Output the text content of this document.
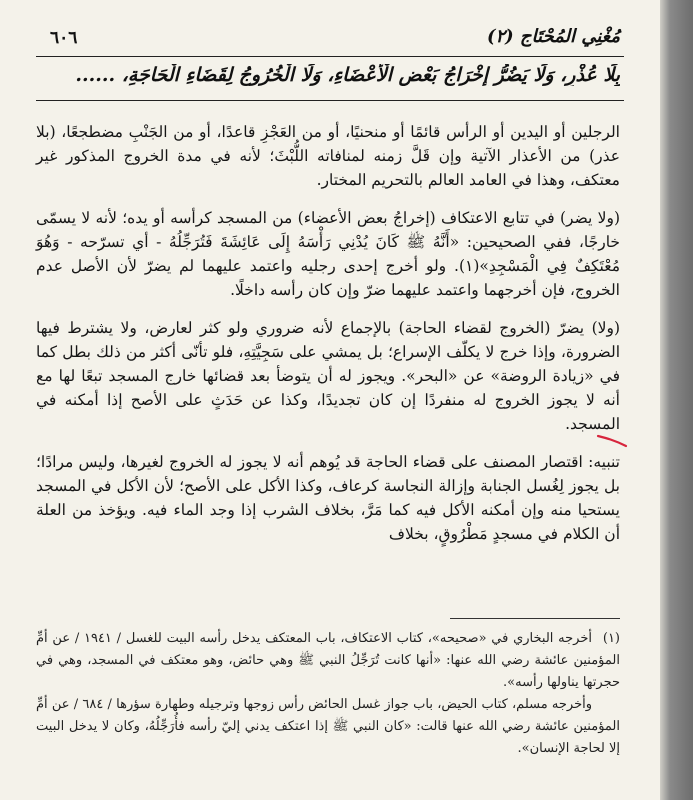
٦٠٦	مُغْنِي المُحْتَاج (٢)
بِلَا عُذْرٍ، وَلَا يَضُرُّ إِخْرَاجُ بَعْضِ الْأَعْضَاءِ، وَلَا الْخُرُوجُ لِقَضَاءِ الْحَاجَةِ، ......

الرجلين أو اليدين أو الرأس قائمًا أو منحنيًا، أو من العَجْزِ قاعدًا، أو من الجَنْبِ مضطجعًا، (بلا عذر) من الأعذار الآتية وإن قَلَّ زمنه لمنافاته اللُّبْثَ؛ لأنه في مدة الخروج المذكور غير معتكف، وهذا في العامد العالم بالتحريم المختار.

(ولا يضر) في تتابع الاعتكاف (إخراجُ بعض الأعضاء) من المسجد كرأسه أو يده؛ لأنه لا يسمّى خارجًا، ففي الصحيحين: «أَنَّهُ ﷺ كَانَ يُدْنِي رَأْسَهُ إِلَى عَائِشَةَ فَتُرَجِّلُهُ - أي تسرّحه - وَهُوَ مُعْتَكِفٌ فِي الْمَسْجِدِ»(١). ولو أخرج إحدى رجليه واعتمد عليهما لم يضرّ لأن الأصل عدم الخروج، فإن أخرجهما واعتمد عليهما ضرّ وإن كان رأسه داخلًا.

(ولا) يضرّ (الخروج لقضاء الحاجة) بالإجماع لأنه ضروري ولو كثر لعارض، ولا يشترط فيها الضرورة، وإذا خرج لا يكلّف الإسراع؛ بل يمشي على سَجِيَّتِهِ، فلو تأنّى أكثر من ذلك بطل كما في «زيادة الروضة» عن «البحر». ويجوز له أن يتوضأ بعد قضائها خارج المسجد تبعًا لها مع أنه لا يجوز الخروج له منفردًا إن كان تجديدًا، وكذا عن حَدَثٍ على الأصح إذا أمكنه في المسجد.

تنبيه: اقتصار المصنف على قضاء الحاجة قد يُوهم أنه لا يجوز له الخروج لغيرها، وليس مرادًا؛ بل يجوز لِغُسل الجنابة وإزالة النجاسة كرعاف، وكذا الأكل على الأصح؛ لأن الأكل في المسجد يستحيا منه وإن أمكنه الأكل فيه كما مَرَّ، بخلاف الشرب إذا وجد الماء فيه. ويؤخذ من العلة أن الكلام في مسجدٍ مَطْرُوقٍ، بخلاف

(١)أخرجه البخاري في «صحيحه»، كتاب الاعتكاف، باب المعتكف يدخل رأسه البيت للغسل / ١٩٤١ / عن أمِّ المؤمنين عائشة رضي الله عنها: «أنها كانت تُرَجِّلُ النبي ﷺ وهي حائض، وهو معتكف في المسجد، وهي في حجرتها يناولها رأسه».

وأخرجه مسلم، كتاب الحيض، باب جواز غسل الحائض رأس زوجها وترجيله وطهارة سؤرها / ٦٨٤ / عن أمِّ المؤمنين عائشة رضي الله عنها قالت: «كان النبي ﷺ إذا اعتكف يدني إليّ رأسه فأُرَجِّلُهُ، وكان لا يدخل البيت إلا لحاجة الإنسان».
